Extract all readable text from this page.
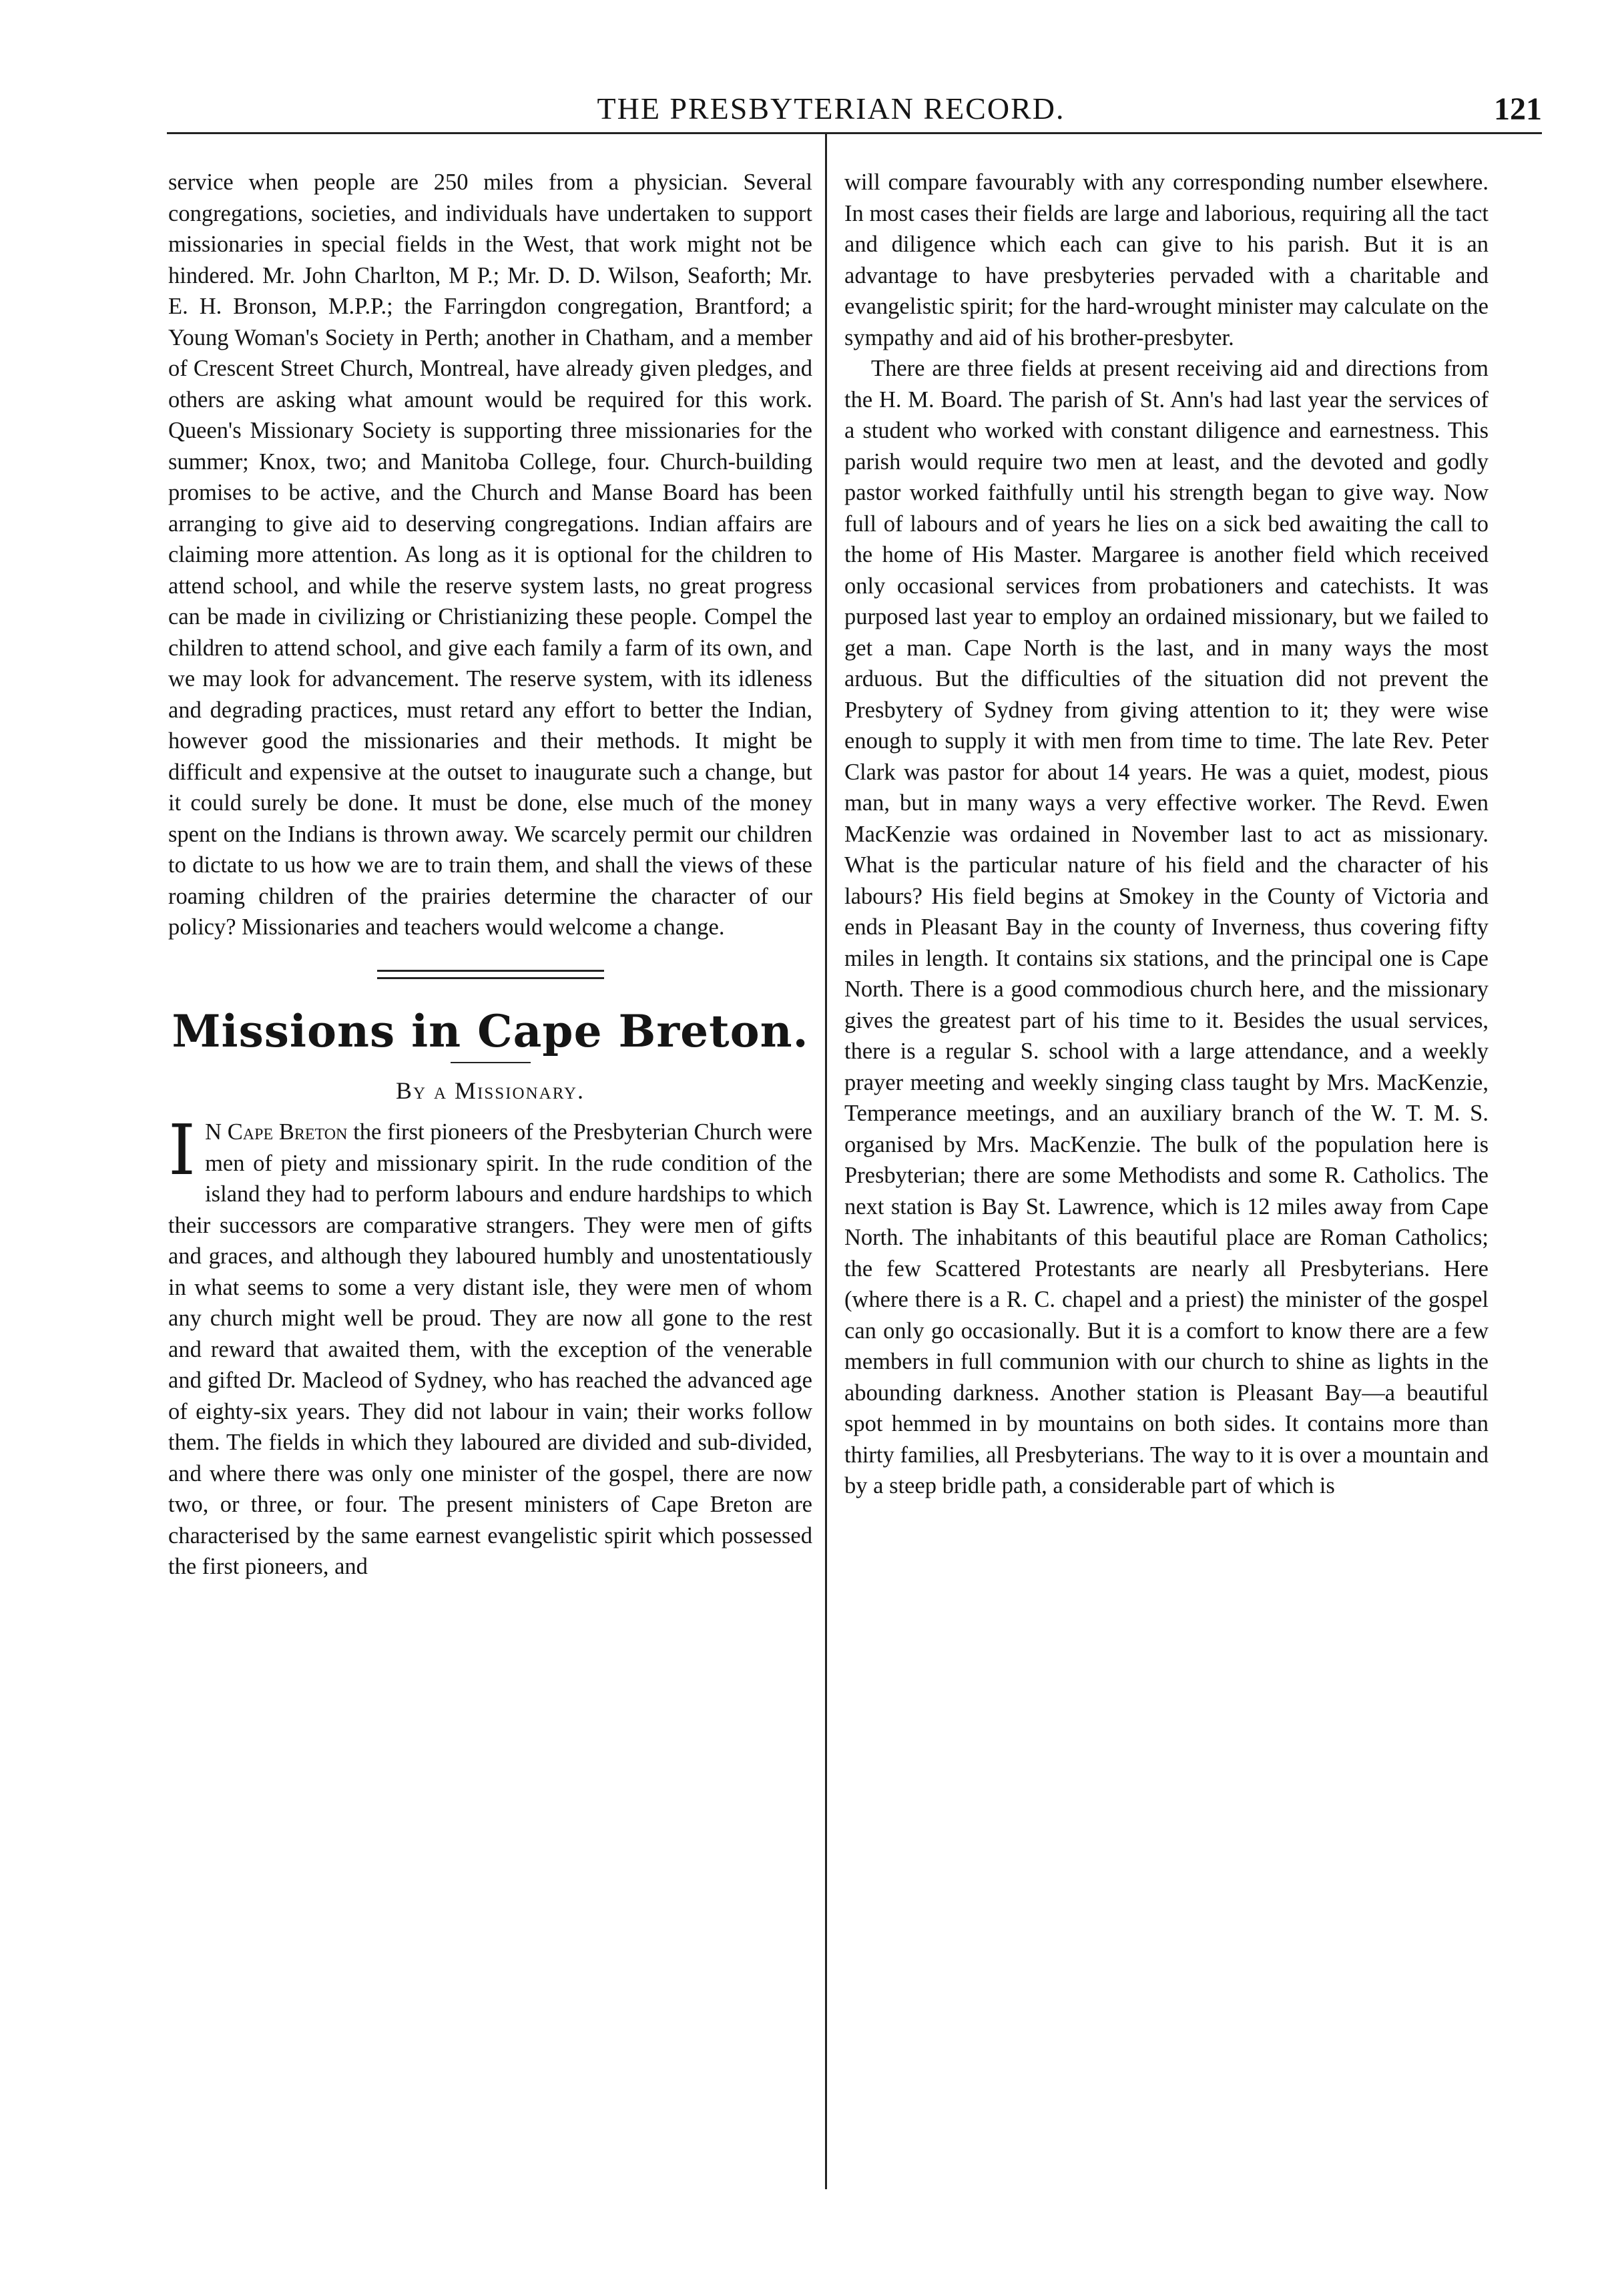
THE PRESBYTERIAN RECORD.	121

service when people are 250 miles from a physician. Several congregations, societies, and individuals have undertaken to support missionaries in special fields in the West, that work might not be hindered. Mr. John Charlton, M P.; Mr. D. D. Wilson, Seaforth; Mr. E. H. Bronson, M.P.P.; the Farringdon congregation, Brantford; a Young Woman's Society in Perth; another in Chatham, and a member of Crescent Street Church, Montreal, have already given pledges, and others are asking what amount would be required for this work. Queen's Missionary Society is supporting three missionaries for the summer; Knox, two; and Manitoba College, four. Church-building promises to be active, and the Church and Manse Board has been arranging to give aid to deserving congregations. Indian affairs are claiming more attention. As long as it is optional for the children to attend school, and while the reserve system lasts, no great progress can be made in civilizing or Christianizing these people. Compel the children to attend school, and give each family a farm of its own, and we may look for advancement. The reserve system, with its idleness and degrading practices, must retard any effort to better the Indian, however good the missionaries and their methods. It might be difficult and expensive at the outset to inaugurate such a change, but it could surely be done. It must be done, else much of the money spent on the Indians is thrown away. We scarcely permit our children to dictate to us how we are to train them, and shall the views of these roaming children of the prairies determine the character of our policy? Missionaries and teachers would welcome a change.

Missions in Cape Breton.
By a Missionary.

I N Cape Breton the first pioneers of the Presbyterian Church were men of piety and missionary spirit. In the rude condition of the island they had to perform labours and endure hardships to which their successors are comparative strangers. They were men of gifts and graces, and although they laboured humbly and unostentatiously in what seems to some a very distant isle, they were men of whom any church might well be proud. They are now all gone to the rest and reward that awaited them, with the exception of the venerable and gifted Dr. Macleod of Sydney, who has reached the advanced age of eighty-six years. They did not labour in vain; their works follow them. The fields in which they laboured are divided and sub-divided, and where there was only one minister of the gospel, there are now two, or three, or four. The present ministers of Cape Breton are characterised by the same earnest evangelistic spirit which possessed the first pioneers, and

will compare favourably with any corresponding number elsewhere. In most cases their fields are large and laborious, requiring all the tact and diligence which each can give to his parish. But it is an advantage to have presbyteries pervaded with a charitable and evangelistic spirit; for the hard-wrought minister may calculate on the sympathy and aid of his brother-presbyter.

There are three fields at present receiving aid and directions from the H. M. Board. The parish of St. Ann's had last year the services of a student who worked with constant diligence and earnestness. This parish would require two men at least, and the devoted and godly pastor worked faithfully until his strength began to give way. Now full of labours and of years he lies on a sick bed awaiting the call to the home of His Master. Margaree is another field which received only occasional services from probationers and catechists. It was purposed last year to employ an ordained missionary, but we failed to get a man. Cape North is the last, and in many ways the most arduous. But the difficulties of the situation did not prevent the Presbytery of Sydney from giving attention to it; they were wise enough to supply it with men from time to time. The late Rev. Peter Clark was pastor for about 14 years. He was a quiet, modest, pious man, but in many ways a very effective worker. The Revd. Ewen MacKenzie was ordained in November last to act as missionary. What is the particular nature of his field and the character of his labours? His field begins at Smokey in the County of Victoria and ends in Pleasant Bay in the county of Inverness, thus covering fifty miles in length. It contains six stations, and the principal one is Cape North. There is a good commodious church here, and the missionary gives the greatest part of his time to it. Besides the usual services, there is a regular S. school with a large attendance, and a weekly prayer meeting and weekly singing class taught by Mrs. MacKenzie, Temperance meetings, and an auxiliary branch of the W. T. M. S. organised by Mrs. MacKenzie. The bulk of the population here is Presbyterian; there are some Methodists and some R. Catholics. The next station is Bay St. Lawrence, which is 12 miles away from Cape North. The inhabitants of this beautiful place are Roman Catholics; the few Scattered Protestants are nearly all Presbyterians. Here (where there is a R. C. chapel and a priest) the minister of the gospel can only go occasionally. But it is a comfort to know there are a few members in full communion with our church to shine as lights in the abounding darkness. Another station is Pleasant Bay—a beautiful spot hemmed in by mountains on both sides. It contains more than thirty families, all Presbyterians. The way to it is over a mountain and by a steep bridle path, a considerable part of which is
